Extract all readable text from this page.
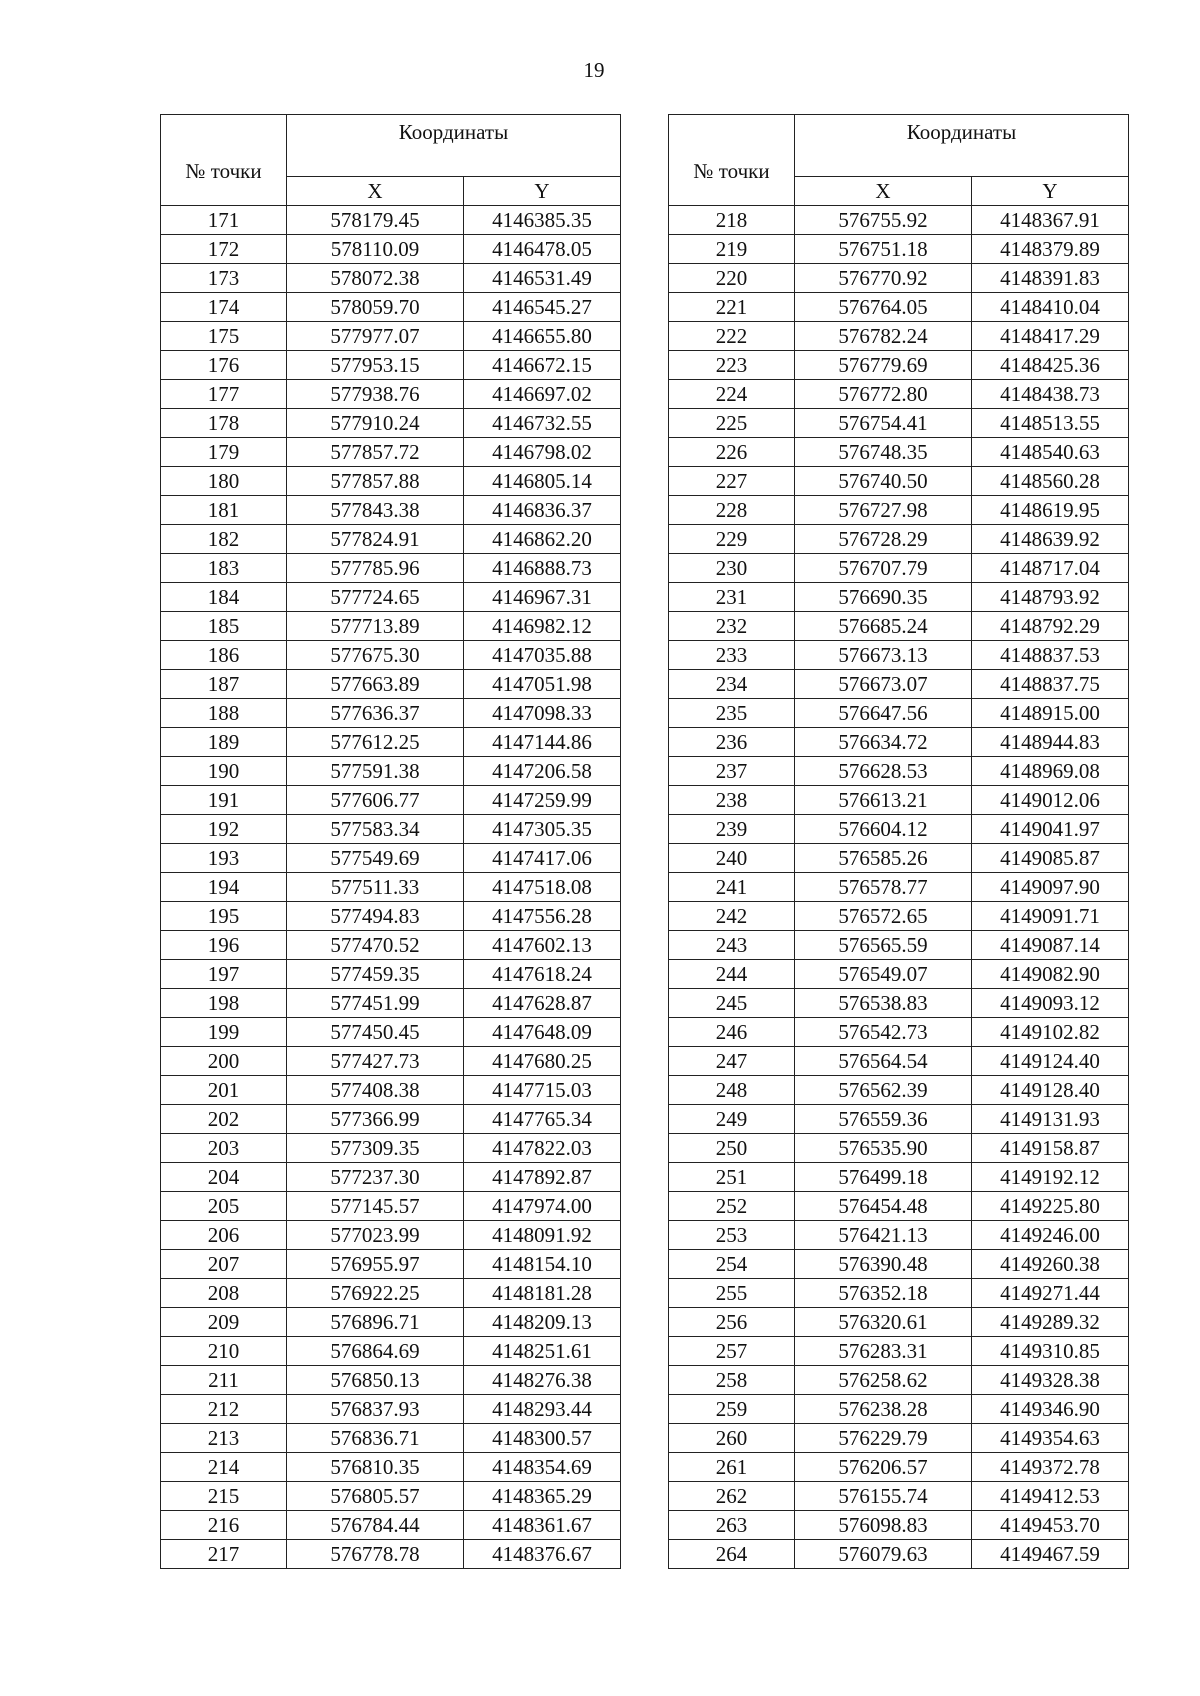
19
№ точки	Координаты	
	X	Y
171	578179.45	4146385.35
172	578110.09	4146478.05
173	578072.38	4146531.49
174	578059.70	4146545.27
175	577977.07	4146655.80
176	577953.15	4146672.15
177	577938.76	4146697.02
178	577910.24	4146732.55
179	577857.72	4146798.02
180	577857.88	4146805.14
181	577843.38	4146836.37
182	577824.91	4146862.20
183	577785.96	4146888.73
184	577724.65	4146967.31
185	577713.89	4146982.12
186	577675.30	4147035.88
187	577663.89	4147051.98
188	577636.37	4147098.33
189	577612.25	4147144.86
190	577591.38	4147206.58
191	577606.77	4147259.99
192	577583.34	4147305.35
193	577549.69	4147417.06
194	577511.33	4147518.08
195	577494.83	4147556.28
196	577470.52	4147602.13
197	577459.35	4147618.24
198	577451.99	4147628.87
199	577450.45	4147648.09
200	577427.73	4147680.25
201	577408.38	4147715.03
202	577366.99	4147765.34
203	577309.35	4147822.03
204	577237.30	4147892.87
205	577145.57	4147974.00
206	577023.99	4148091.92
207	576955.97	4148154.10
208	576922.25	4148181.28
209	576896.71	4148209.13
210	576864.69	4148251.61
211	576850.13	4148276.38
212	576837.93	4148293.44
213	576836.71	4148300.57
214	576810.35	4148354.69
215	576805.57	4148365.29
216	576784.44	4148361.67
217	576778.78	4148376.67
№ точки	Координаты	
	X	Y
218	576755.92	4148367.91
219	576751.18	4148379.89
220	576770.92	4148391.83
221	576764.05	4148410.04
222	576782.24	4148417.29
223	576779.69	4148425.36
224	576772.80	4148438.73
225	576754.41	4148513.55
226	576748.35	4148540.63
227	576740.50	4148560.28
228	576727.98	4148619.95
229	576728.29	4148639.92
230	576707.79	4148717.04
231	576690.35	4148793.92
232	576685.24	4148792.29
233	576673.13	4148837.53
234	576673.07	4148837.75
235	576647.56	4148915.00
236	576634.72	4148944.83
237	576628.53	4148969.08
238	576613.21	4149012.06
239	576604.12	4149041.97
240	576585.26	4149085.87
241	576578.77	4149097.90
242	576572.65	4149091.71
243	576565.59	4149087.14
244	576549.07	4149082.90
245	576538.83	4149093.12
246	576542.73	4149102.82
247	576564.54	4149124.40
248	576562.39	4149128.40
249	576559.36	4149131.93
250	576535.90	4149158.87
251	576499.18	4149192.12
252	576454.48	4149225.80
253	576421.13	4149246.00
254	576390.48	4149260.38
255	576352.18	4149271.44
256	576320.61	4149289.32
257	576283.31	4149310.85
258	576258.62	4149328.38
259	576238.28	4149346.90
260	576229.79	4149354.63
261	576206.57	4149372.78
262	576155.74	4149412.53
263	576098.83	4149453.70
264	576079.63	4149467.59
